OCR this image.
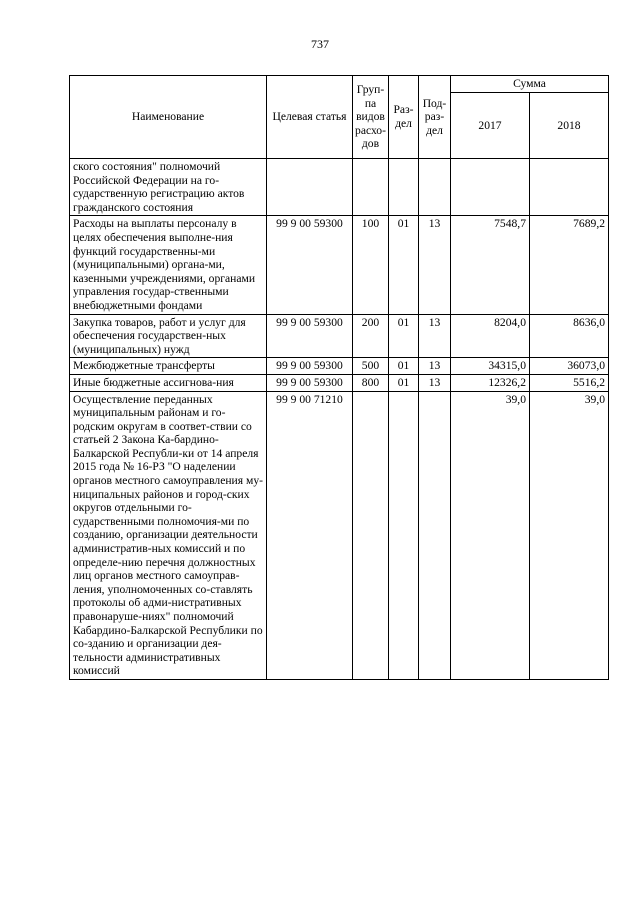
737
Наименование	Целевая статья	Груп-па видов расхо-дов	Раз-дел	Под-раз-дел	Сумма	
					2017	2018
ского состояния" полномочий Российской Федерации на го-сударственную регистрацию актов гражданского состояния						
Расходы на выплаты персоналу в целях обеспечения выполне-ния функций государственны-ми (муниципальными) органа-ми, казенными учреждениями, органами управления государ-ственными внебюджетными фондами	99 9 00 59300	100	01	13	7548,7	7689,2
Закупка товаров, работ и услуг для обеспечения государствен-ных (муниципальных) нужд	99 9 00 59300	200	01	13	8204,0	8636,0
Межбюджетные трансферты	99 9 00 59300	500	01	13	34315,0	36073,0
Иные бюджетные ассигнова-ния	99 9 00 59300	800	01	13	12326,2	5516,2
Осуществление переданных муниципальным районам и го-родским округам в соответ-ствии со статьей 2 Закона Ка-бардино-Балкарской Республи-ки от 14 апреля 2015 года № 16-РЗ "О наделении органов местного самоуправления му-ниципальных районов и город-ских округов отдельными го-сударственными полномочия-ми по созданию, организации деятельности административ-ных комиссий и по определе-нию перечня должностных лиц органов местного самоуправ-ления, уполномоченных со-ставлять протоколы об адми-нистративных правонаруше-ниях" полномочий Кабардино-Балкарской Республики по со-зданию и организации дея-тельности административных комиссий	99 9 00 71210				39,0	39,0
